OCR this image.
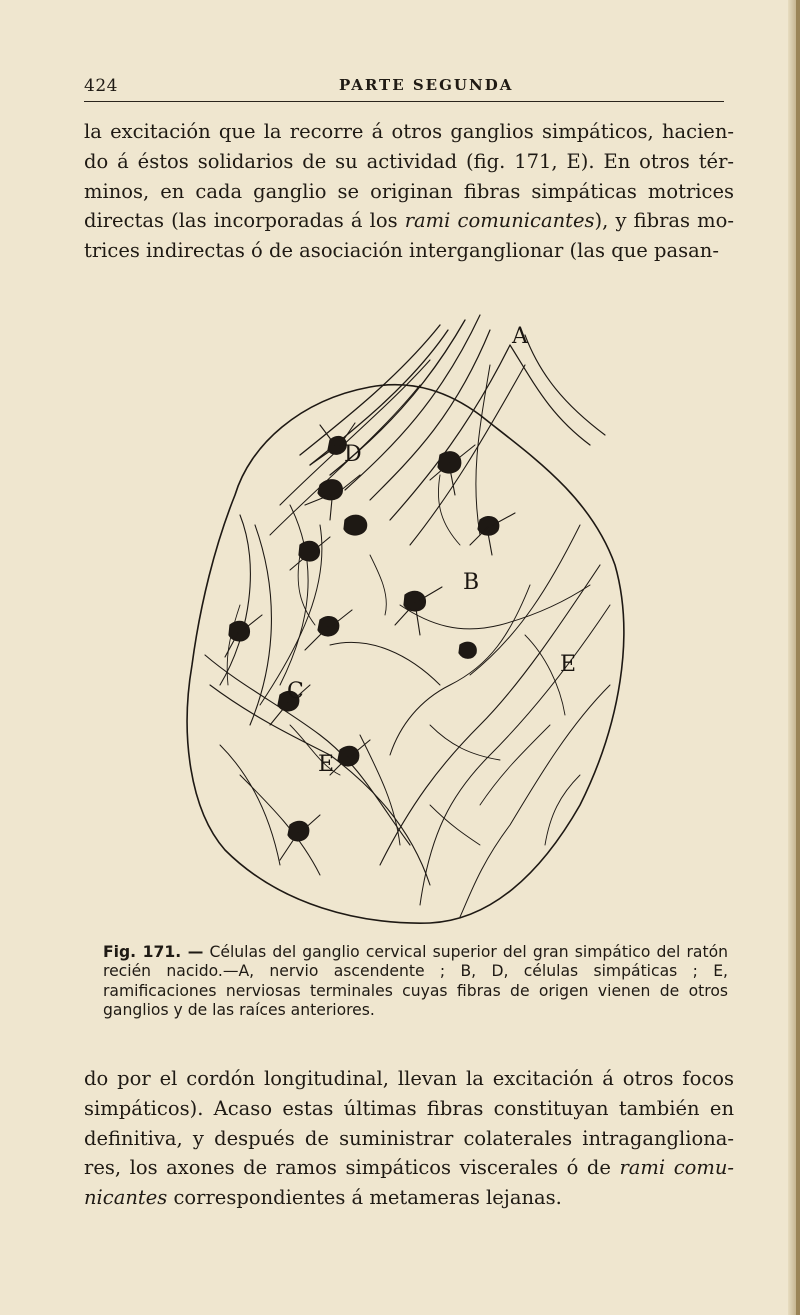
424	PARTE SEGUNDA

la excitación que la recorre á otros ganglios simpáticos, hacien-do á éstos solidarios de su actividad (fig. 171, E). En otros tér-minos, en cada ganglio se originan fibras simpáticas motrices directas (las incorporadas á los rami comunicantes), y fibras mo-trices indirectas ó de asociación interganglionar (las que pasan-

A
B
C
D
E
E

Fig. 171. — Células del ganglio cervical superior del gran simpático del ratón recién nacido.—A, nervio ascendente ; B, D, células simpáticas ; E, ramificaciones nerviosas terminales cuyas fibras de origen vienen de otros ganglios y de las raíces anteriores.

do por el cordón longitudinal, llevan la excitación á otros focos simpáticos). Acaso estas últimas fibras constituyan también en definitiva, y después de suministrar colaterales intragangliona-res, los axones de ramos simpáticos viscerales ó de rami comu-nicantes correspondientes á metameras lejanas.
